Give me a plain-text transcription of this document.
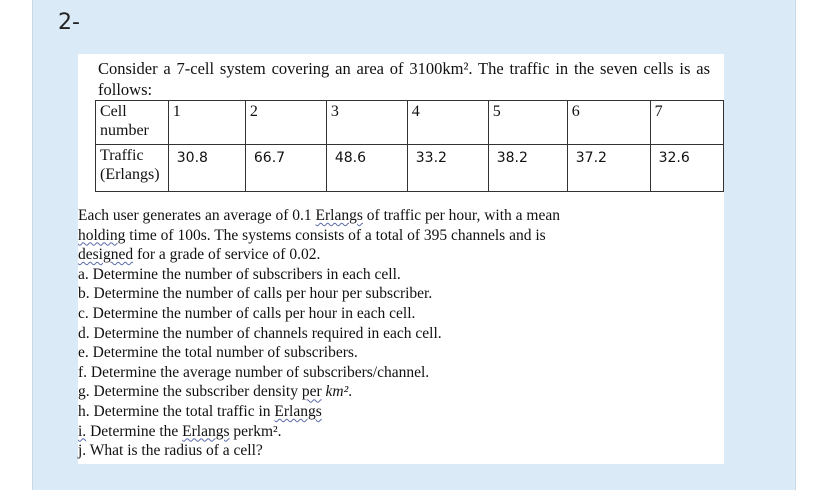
2-
Consider a 7-cell system covering an area of 3100km². The traffic in the seven cells is as follows:
Cell number	1	2	3	4	5	6	7
Traffic (Erlangs)	30.8	66.7	48.6	33.2	38.2	37.2	32.6

Each user generates an average of 0.1 Erlangs of traffic per hour, with a mean
holding time of 100s. The systems consists of a total of 395 channels and is
designed for a grade of service of 0.02.

a. Determine the number of subscribers in each cell.

b. Determine the number of calls per hour per subscriber.

c. Determine the number of calls per hour in each cell.

d. Determine the number of channels required in each cell.

e. Determine the total number of subscribers.

f. Determine the average number of subscribers/channel.

g. Determine the subscriber density per km².

h. Determine the total traffic in Erlangs

i. Determine the Erlangs perkm².

j. What is the radius of a cell?
